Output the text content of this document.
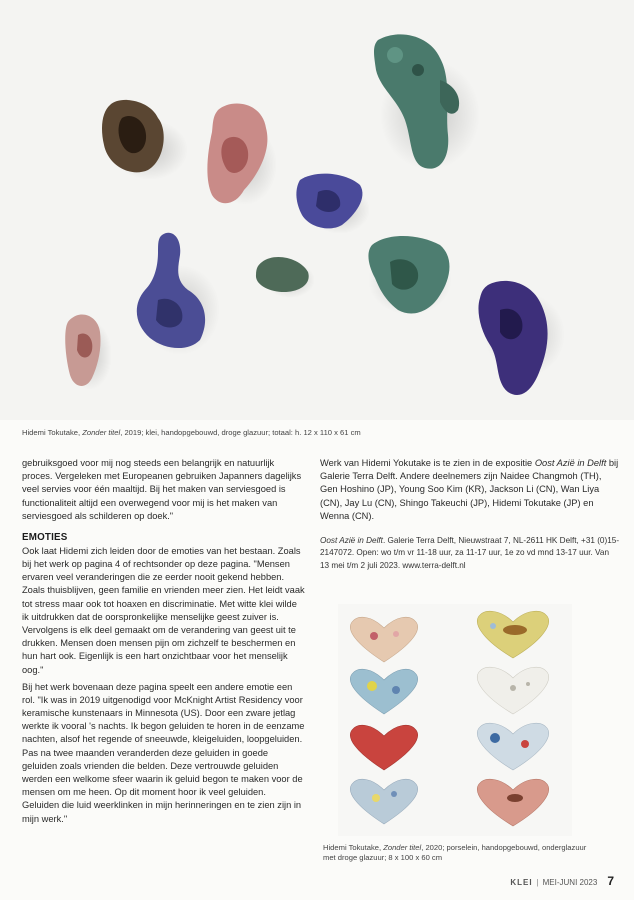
Hidemi Tokutake, Zonder titel, 2019; klei, handopgebouwd, droge glazuur; totaal: h. 12 x 110 x 61 cm

gebruiksgoed voor mij nog steeds een belangrijk en natuurlijk proces. Vergeleken met Europeanen gebruiken Japanners dagelijks veel servies voor één maaltijd. Bij het maken van serviesgoed is functionaliteit altijd een overwegend voor mij is het maken van serviesgoed als schilderen op doek."

EMOTIES

Ook laat Hidemi zich leiden door de emoties van het bestaan. Zoals bij het werk op pagina 4 of rechtsonder op deze pagina. "Mensen ervaren veel veranderingen die ze eerder nooit gekend hebben. Zoals thuisblijven, geen familie en vrienden meer zien. Het leidt vaak tot stress maar ook tot hoaxen en discriminatie. Met witte klei wilde ik uitdrukken dat de oorspronkelijke menselijke geest zuiver is. Vervolgens is elk deel gemaakt om de verandering van geest uit te drukken. Mensen doen mensen pijn om zichzelf te beschermen en hun hart ook. Eigenlijk is een hart onzichtbaar voor het menselijk oog."

Bij het werk bovenaan deze pagina speelt een andere emotie een rol. "Ik was in 2019 uitgenodigd voor McKnight Artist Residency voor keramische kunstenaars in Minnesota (US). Door een zware jetlag werkte ik vooral 's nachts. Ik begon geluiden te horen in de eenzame nachten, alsof het regende of sneeuwde, kleigeluiden, loopgeluiden. Pas na twee maanden veranderden deze geluiden in goede geluiden zoals vrienden die belden. Deze vertrouwde geluiden werden een welkome sfeer waarin ik geluid begon te maken voor de mensen om me heen. Op dit moment hoor ik veel geluiden. Geluiden die luid weerklinken in mijn herinneringen en te zien zijn in mijn werk."

Werk van Hidemi Yokutake is te zien in de expositie Oost Azië in Delft bij Galerie Terra Delft. Andere deelnemers zijn Naidee Changmoh (TH), Gen Hoshino (JP), Young Soo Kim (KR), Jackson Li (CN), Wan Liya (CN), Jay Lu (CN), Shingo Takeuchi (JP), Hidemi Tokutake (JP) en Wenna (CN).

Oost Azië in Delft. Galerie Terra Delft, Nieuwstraat 7, NL-2611 HK Delft, +31 (0)15-2147072. Open: wo t/m vr 11-18 uur, za 11-17 uur, 1e zo vd mnd 13-17 uur. Van 13 mei t/m 2 juli 2023. www.terra-delft.nl

Hidemi Tokutake, Zonder titel, 2020; porselein, handopgebouwd, onderglazuur met droge glazuur; 8 x 100 x 60 cm
KLEI | MEI-JUNI 2023 7
